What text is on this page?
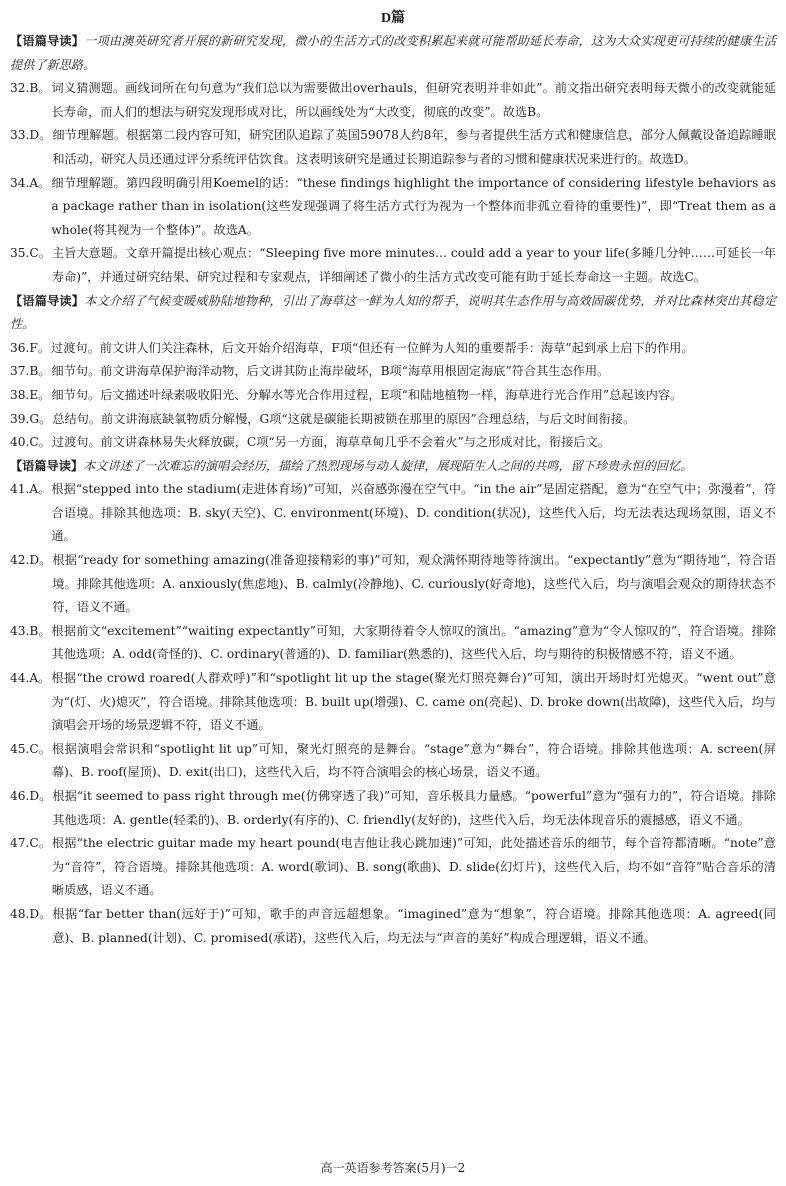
D篇

【语篇导读】一项由澳英研究者开展的新研究发现，微小的生活方式的改变积累起来就可能帮助延长寿命，这为大众实现更可持续的健康生活提供了新思路。

32.B。 词义猜测题。画线词所在句句意为“我们总以为需要做出overhauls，但研究表明并非如此”。前文指出研究表明每天微小的改变就能延长寿命，而人们的想法与研究发现形成对比，所以画线处为“大改变，彻底的改变”。故选B。
33.D。 细节理解题。根据第二段内容可知，研究团队追踪了英国59078人约8年，参与者提供生活方式和健康信息，部分人佩戴设备追踪睡眠和活动，研究人员还通过评分系统评估饮食。这表明该研究是通过长期追踪参与者的习惯和健康状况来进行的。故选D。
34.A。 细节理解题。第四段明确引用Koemel的话：“these findings highlight the importance of considering lifestyle behaviors as a package rather than in isolation(这些发现强调了将生活方式行为视为一个整体而非孤立看待的重要性)”，即“Treat them as a whole(将其视为一个整体)”。故选A。
35.C。 主旨大意题。文章开篇提出核心观点：“Sleeping five more minutes… could add a year to your life(多睡几分钟……可延长一年寿命)”，并通过研究结果、研究过程和专家观点，详细阐述了微小的生活方式改变可能有助于延长寿命这一主题。故选C。

【语篇导读】本文介绍了气候变暖威胁陆地物种，引出了海草这一鲜为人知的帮手，说明其生态作用与高效固碳优势，并对比森林突出其稳定性。

36.F。 过渡句。前文讲人们关注森林，后文开始介绍海草，F项“但还有一位鲜为人知的重要帮手：海草”起到承上启下的作用。
37.B。 细节句。前文讲海草保护海洋动物，后文讲其防止海岸破坏，B项“海草用根固定海底”符合其生态作用。
38.E。 细节句。后文描述叶绿素吸收阳光、分解水等光合作用过程，E项“和陆地植物一样，海草进行光合作用”总起该内容。
39.G。 总结句。前文讲海底缺氧物质分解慢，G项“这就是碳能长期被锁在那里的原因”合理总结，与后文时间衔接。
40.C。 过渡句。前文讲森林易失火释放碳，C项“另一方面，海草草甸几乎不会着火”与之形成对比，衔接后文。

【语篇导读】本文讲述了一次难忘的演唱会经历，描绘了热烈现场与动人旋律，展现陌生人之间的共鸣，留下珍贵永恒的回忆。

41.A。 根据“stepped into the stadium(走进体育场)”可知，兴奋感弥漫在空气中。“in the air”是固定搭配，意为“在空气中；弥漫着”，符合语境。排除其他选项：B. sky(天空)、C. environment(环境)、D. condition(状况)，这些代入后，均无法表达现场氛围，语义不通。
42.D。 根据“ready for something amazing(准备迎接精彩的事)”可知，观众满怀期待地等待演出。“expectantly”意为“期待地”，符合语境。排除其他选项：A. anxiously(焦虑地)、B. calmly(冷静地)、C. curiously(好奇地)，这些代入后，均与演唱会观众的期待状态不符，语义不通。
43.B。 根据前文“excitement”“waiting expectantly”可知，大家期待着令人惊叹的演出。“amazing”意为“令人惊叹的”，符合语境。排除其他选项：A. odd(奇怪的)、C. ordinary(普通的)、D. familiar(熟悉的)，这些代入后，均与期待的积极情感不符，语义不通。
44.A。 根据“the crowd roared(人群欢呼)”和“spotlight lit up the stage(聚光灯照亮舞台)”可知，演出开场时灯光熄灭。“went out”意为“(灯、火)熄灭”，符合语境。排除其他选项：B. built up(增强)、C. came on(亮起)、D. broke down(出故障)，这些代入后，均与演唱会开场的场景逻辑不符，语义不通。
45.C。 根据演唱会常识和“spotlight lit up”可知，聚光灯照亮的是舞台。“stage”意为“舞台”，符合语境。排除其他选项：A. screen(屏幕)、B. roof(屋顶)、D. exit(出口)，这些代入后，均不符合演唱会的核心场景，语义不通。
46.D。 根据“it seemed to pass right through me(仿佛穿透了我)”可知，音乐极具力量感。“powerful”意为“强有力的”，符合语境。排除其他选项：A. gentle(轻柔的)、B. orderly(有序的)、C. friendly(友好的)，这些代入后，均无法体现音乐的震撼感，语义不通。
47.C。 根据“the electric guitar made my heart pound(电吉他让我心跳加速)”可知，此处描述音乐的细节，每个音符都清晰。“note”意为“音符”，符合语境。排除其他选项：A. word(歌词)、B. song(歌曲)、D. slide(幻灯片)，这些代入后，均不如“音符”贴合音乐的清晰质感，语义不通。
48.D。 根据“far better than(远好于)”可知，歌手的声音远超想象。“imagined”意为“想象”，符合语境。排除其他选项：A. agreed(同意)、B. planned(计划)、C. promised(承诺)，这些代入后，均无法与“声音的美好”构成合理逻辑，语义不通。
高一英语参考答案(5月)一2
